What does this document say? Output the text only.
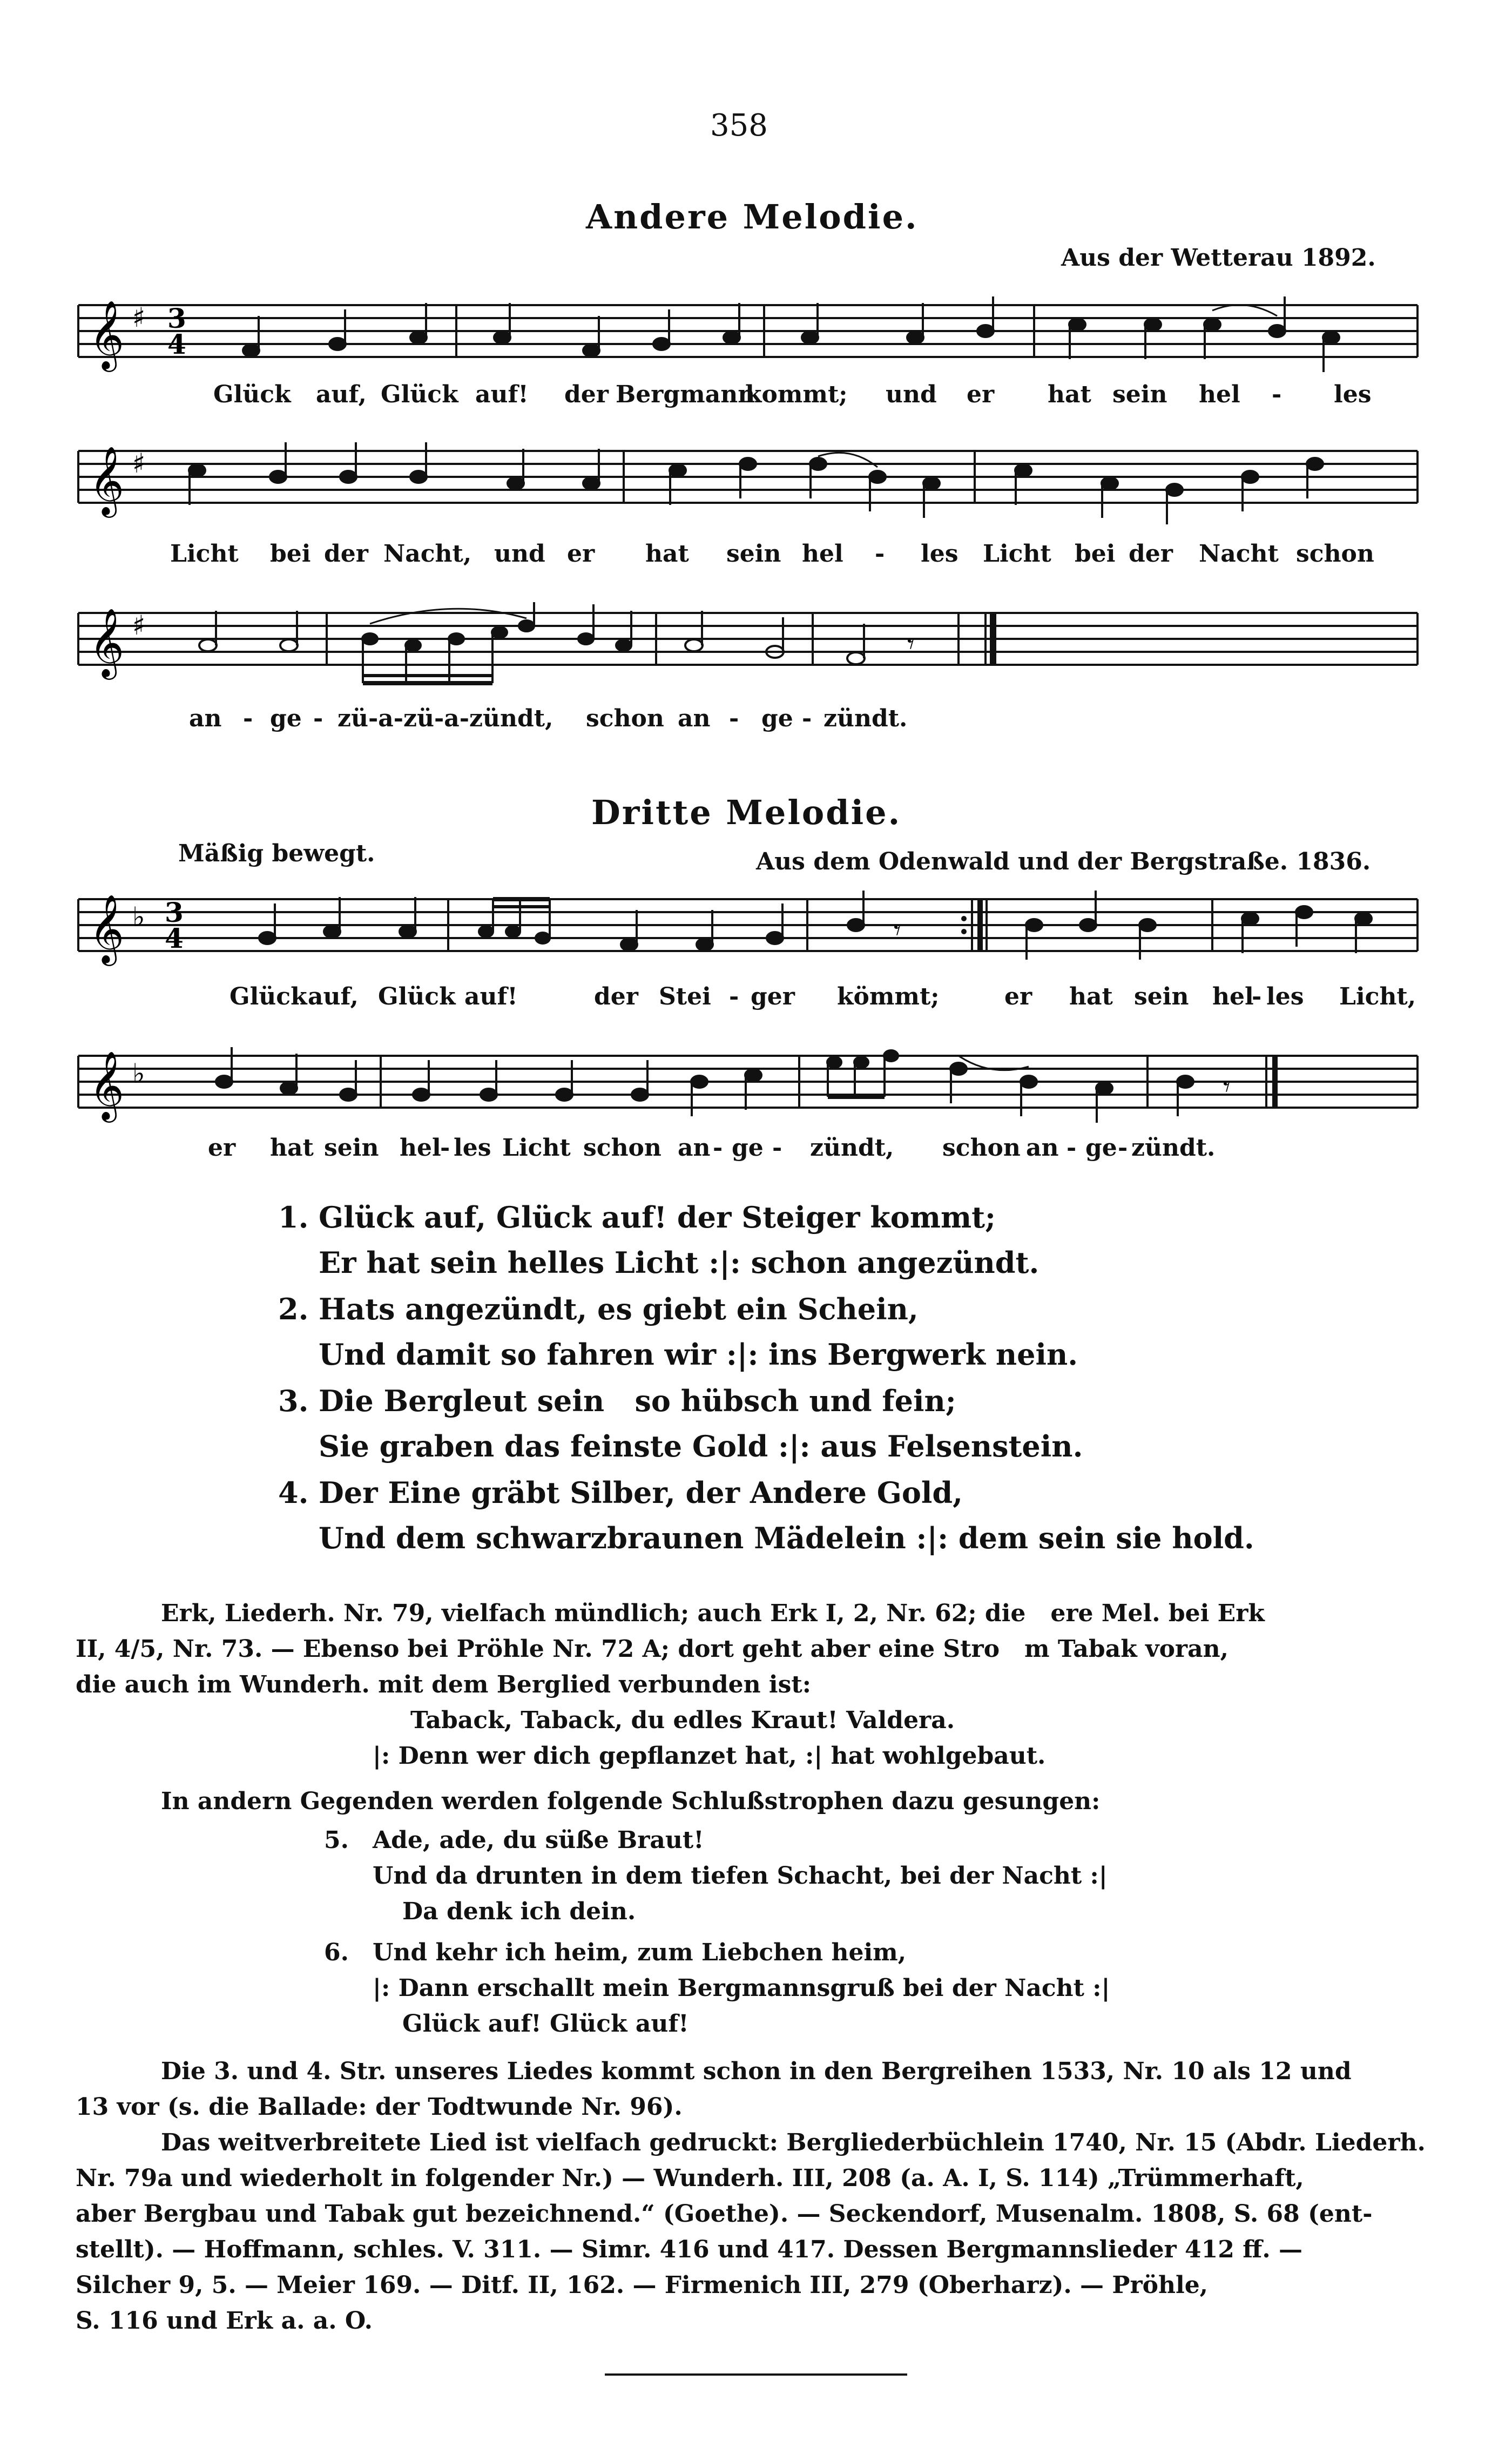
358
Andere Melodie.
Aus der Wetterau 1892.
𝄞 ♯ 3
4
Glück auf, Glück auf! der Bergmann
kommt; und er hat sein hel - les
𝄞 ♯
Licht bei der Nacht, und er hat sein hel - les Licht bei der Nacht schon
𝄞 ♯
𝄾
an - ge - zü-a-zü-a-zündt, schon an - ge - zündt.
Dritte Melodie.
Mäßig bewegt.	Aus dem Odenwald und der Bergstraße. 1836.
𝄞 ♭ 3
4	𝄾
Glück auf, Glück auf!	der Stei - ger kömmt;	er hat sein hel
- les Licht,
𝄞 ♭	𝄾
er hat sein hel
- les Licht schon an - ge - zündt, schon an - ge - zündt.
1. Glück auf, Glück auf! der Steiger kommt;
Er hat sein helles Licht :|: schon angezündt.
2. Hats angezündt, es giebt ein Schein,
Und damit so fahren wir :|: ins Bergwerk nein.
3. Die Bergleut sein   so hübsch und fein;
Sie graben das feinste Gold :|: aus Felsenstein.
4. Der Eine gräbt Silber, der Andere Gold,
Und dem schwarzbraunen Mädelein :|: dem sein sie hold.
Erk, Liederh. Nr. 79, vielfach mündlich; auch Erk I, 2, Nr. 62; die   ere Mel. bei Erk
II, 4/5, Nr. 73. — Ebenso bei Pröhle Nr. 72 A; dort geht aber eine Stro   m Tabak voran,
die auch im Wunderh. mit dem Berglied verbunden ist:
Taback, Taback, du edles Kraut! Valdera.
|: Denn wer dich gepflanzet hat, :| hat wohlgebaut.
In andern Gegenden werden folgende Schlußstrophen dazu gesungen:
5. Ade, ade, du süße Braut!
Und da drunten in dem tiefen Schacht, bei der Nacht :|
Da denk ich dein.
6. Und kehr ich heim, zum Liebchen heim,
|: Dann erschallt mein Bergmannsgruß bei der Nacht :|
Glück auf! Glück auf!
Die 3. und 4. Str. unseres Liedes kommt schon in den Bergreihen 1533, Nr. 10 als 12 und
13 vor (s. die Ballade: der Todtwunde Nr. 96).
Das weitverbreitete Lied ist vielfach gedruckt: Bergliederbüchlein 1740, Nr. 15 (Abdr. Liederh.
Nr. 79a und wiederholt in folgender Nr.) — Wunderh. III, 208 (a. A. I, S. 114) „Trümmerhaft,
aber Bergbau und Tabak gut bezeichnend.“ (Goethe). — Seckendorf, Musenalm. 1808, S. 68 (ent-
stellt). — Hoffmann, schles. V. 311. — Simr. 416 und 417. Dessen Bergmannslieder 412 ff. —
Silcher 9, 5. — Meier 169. — Ditf. II, 162. — Firmenich III, 279 (Oberharz). — Pröhle,
S. 116 und Erk a. a. O.
